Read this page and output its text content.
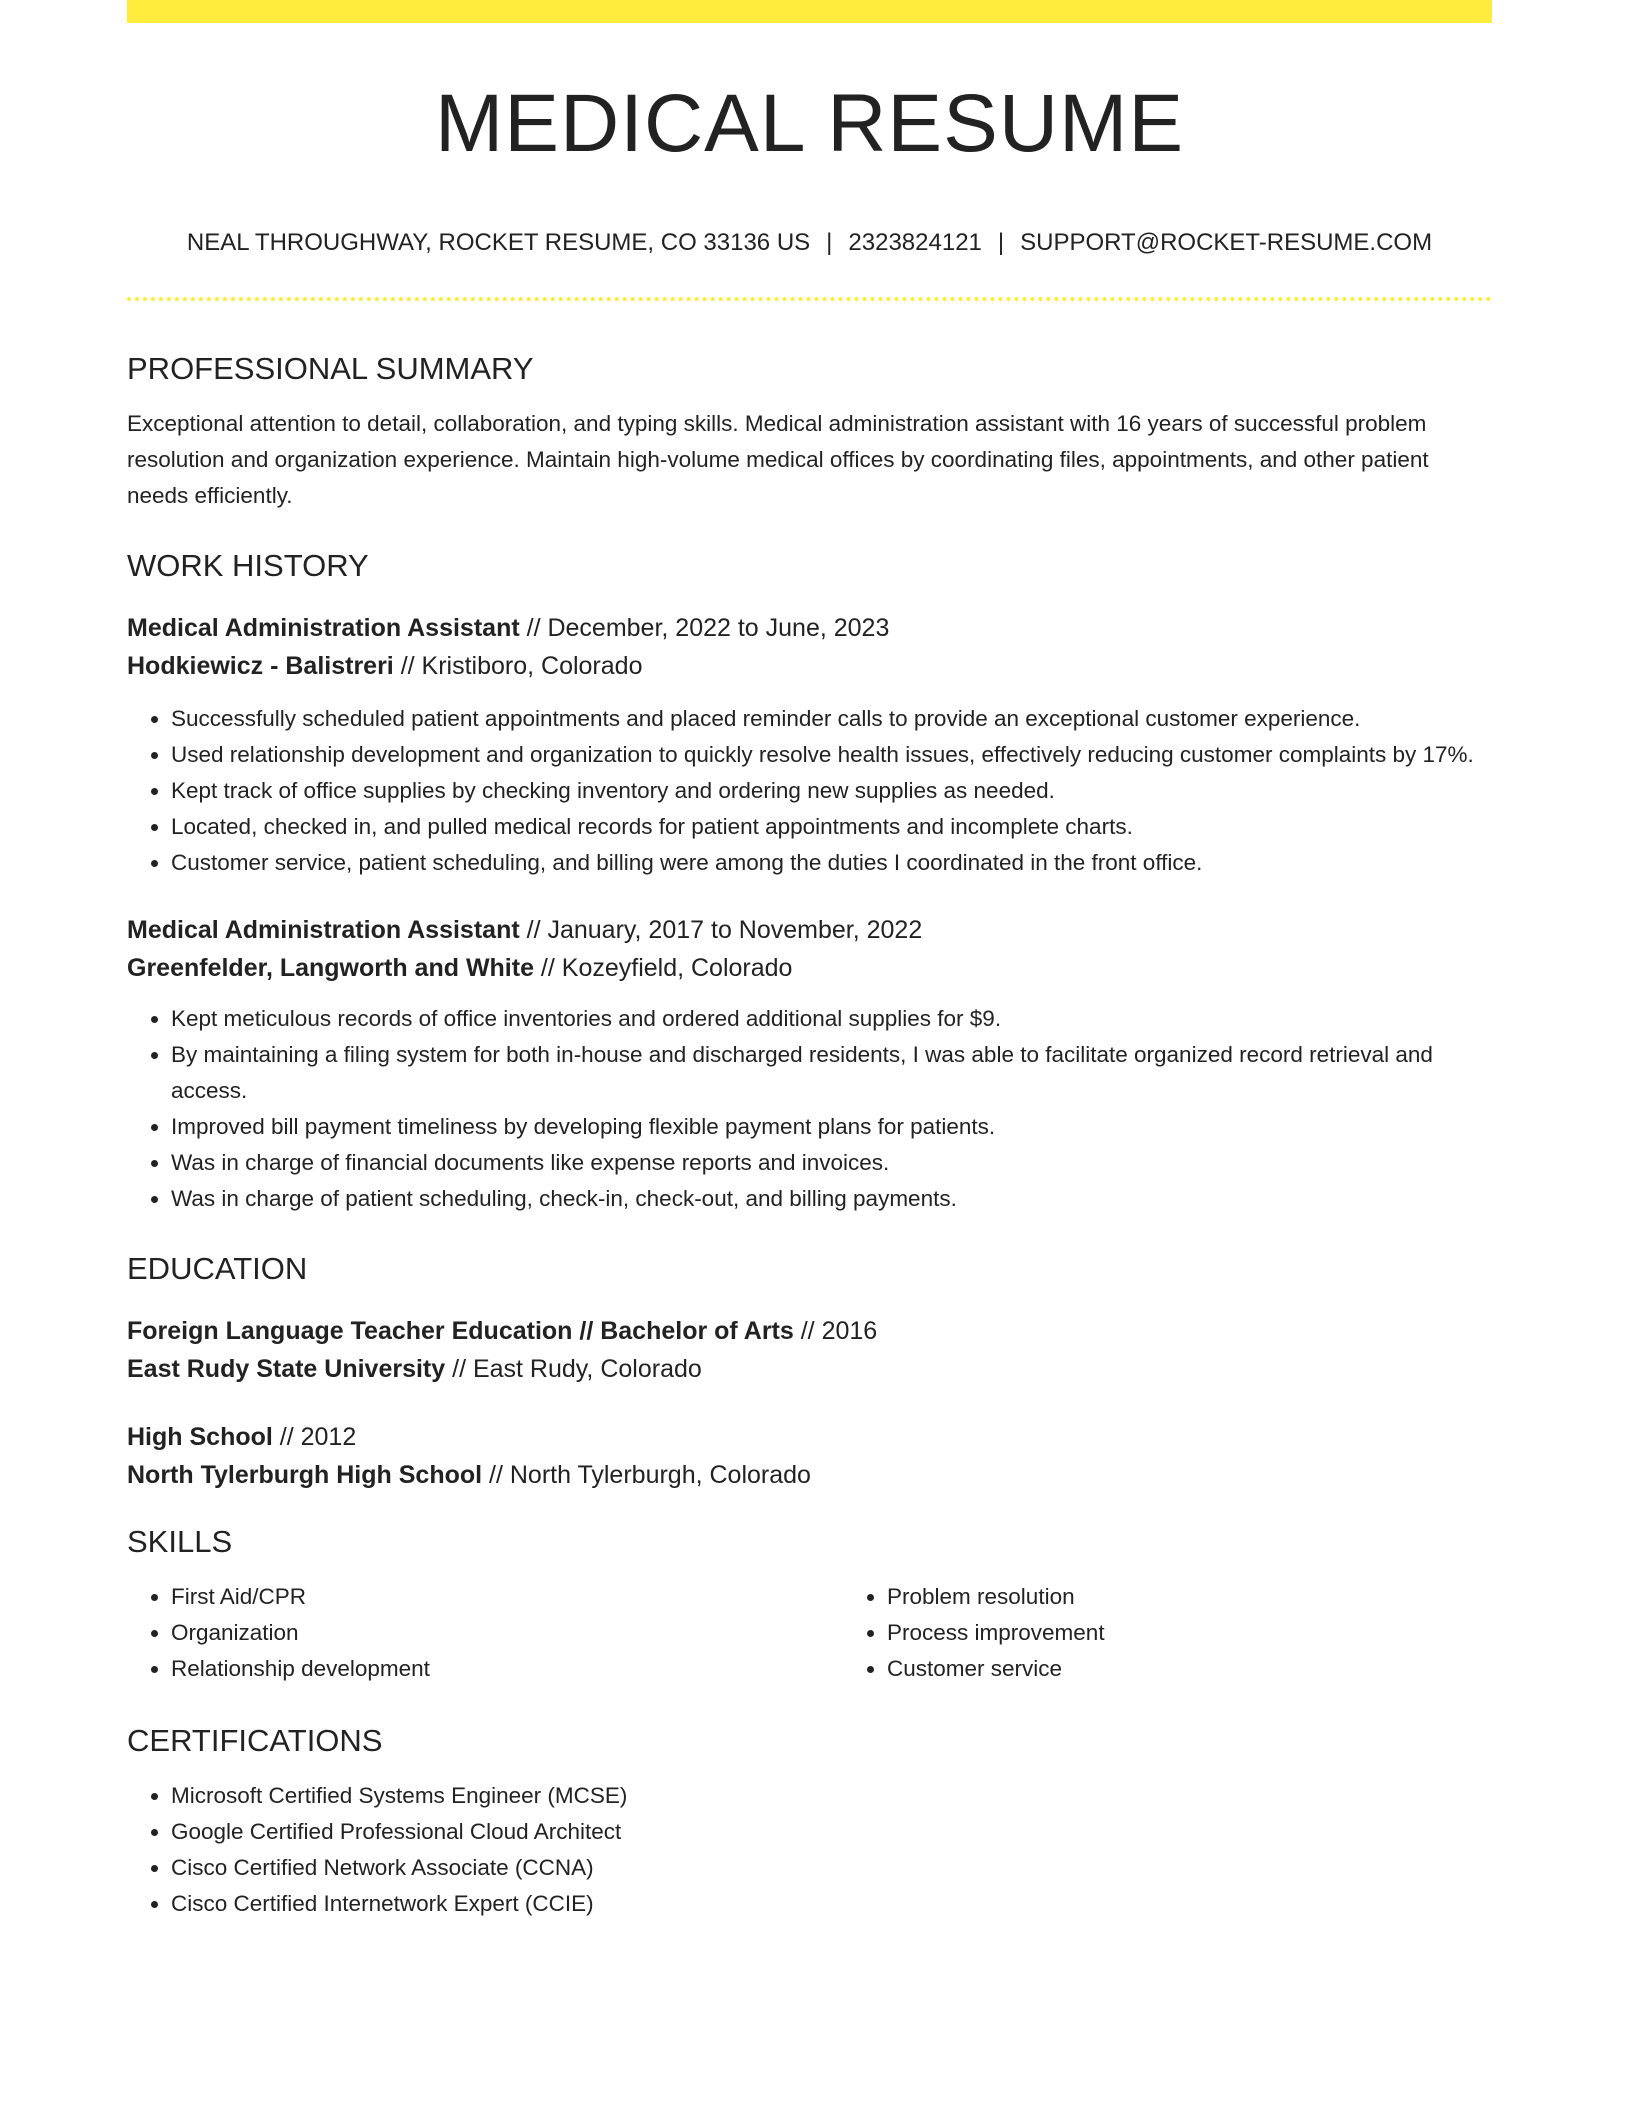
MEDICAL RESUME
NEAL THROUGHWAY, ROCKET RESUME, CO 33136 US | 2323824121 | SUPPORT@ROCKET-RESUME.COM
PROFESSIONAL SUMMARY
Exceptional attention to detail, collaboration, and typing skills. Medical administration assistant with 16 years of successful problem resolution and organization experience. Maintain high-volume medical offices by coordinating files, appointments, and other patient needs efficiently.
WORK HISTORY
Medical Administration Assistant // December, 2022 to June, 2023
Hodkiewicz - Balistreri // Kristiboro, Colorado
• Successfully scheduled patient appointments and placed reminder calls to provide an exceptional customer experience.
• Used relationship development and organization to quickly resolve health issues, effectively reducing customer complaints by 17%.
• Kept track of office supplies by checking inventory and ordering new supplies as needed.
• Located, checked in, and pulled medical records for patient appointments and incomplete charts.
• Customer service, patient scheduling, and billing were among the duties I coordinated in the front office.
Medical Administration Assistant // January, 2017 to November, 2022
Greenfelder, Langworth and White // Kozeyfield, Colorado
• Kept meticulous records of office inventories and ordered additional supplies for $9.
• By maintaining a filing system for both in-house and discharged residents, I was able to facilitate organized record retrieval and access.
• Improved bill payment timeliness by developing flexible payment plans for patients.
• Was in charge of financial documents like expense reports and invoices.
• Was in charge of patient scheduling, check-in, check-out, and billing payments.
EDUCATION
Foreign Language Teacher Education // Bachelor of Arts // 2016
East Rudy State University // East Rudy, Colorado
High School // 2012
North Tylerburgh High School // North Tylerburgh, Colorado
SKILLS
• First Aid/CPR
• Organization
• Relationship development
• Problem resolution
• Process improvement
• Customer service
CERTIFICATIONS
• Microsoft Certified Systems Engineer (MCSE)
• Google Certified Professional Cloud Architect
• Cisco Certified Network Associate (CCNA)
• Cisco Certified Internetwork Expert (CCIE)
